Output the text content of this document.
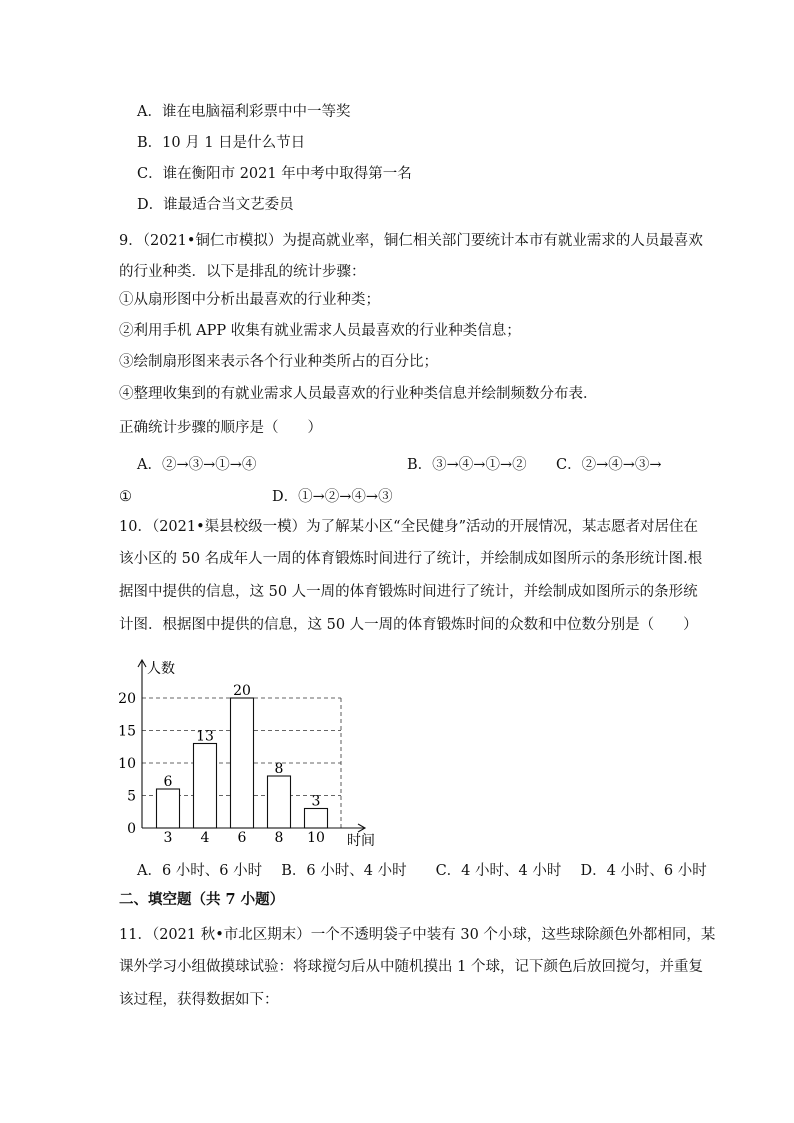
A．谁在电脑福利彩票中中一等奖
B．10 月 1 日是什么节日
C．谁在衡阳市 2021 年中考中取得第一名
D．谁最适合当文艺委员
9．（2021•铜仁市模拟）为提高就业率，铜仁相关部门要统计本市有就业需求的人员最喜欢
的行业种类．以下是排乱的统计步骤：
①从扇形图中分析出最喜欢的行业种类；
②利用手机 APP 收集有就业需求人员最喜欢的行业种类信息；
③绘制扇形图来表示各个行业种类所占的百分比；
④整理收集到的有就业需求人员最喜欢的行业种类信息并绘制频数分布表．
正确统计步骤的顺序是（　　）
A．②→③→①→④	B．③→④→①→② C．②→④→③→
①	D．①→②→④→③
10．（2021•渠县校级一模）为了解某小区“全民健身”活动的开展情况，某志愿者对居住在
该小区的 50 名成年人一周的体育锻炼时间进行了统计，并绘制成如图所示的条形统计图.根
据图中提供的信息，这 50 人一周的体育锻炼时间进行了统计，并绘制成如图所示的条形统
计图．根据图中提供的信息，这 50 人一周的体育锻炼时间的众数和中位数分别是（　　）
0
5
10
15
20
人数
时间
6
3
13
4
20
6
8
8
3
10
A．6 小时、6 小时　 B．6 小时、4 小时　　C．4 小时、4 小时　 D．4 小时、6 小时
二、填空题（共 7 小题）
11．（2021 秋•市北区期末）一个不透明袋子中装有 30 个小球，这些球除颜色外都相同，某
课外学习小组做摸球试验：将球搅匀后从中随机摸出 1 个球，记下颜色后放回搅匀，并重复
该过程，获得数据如下：
